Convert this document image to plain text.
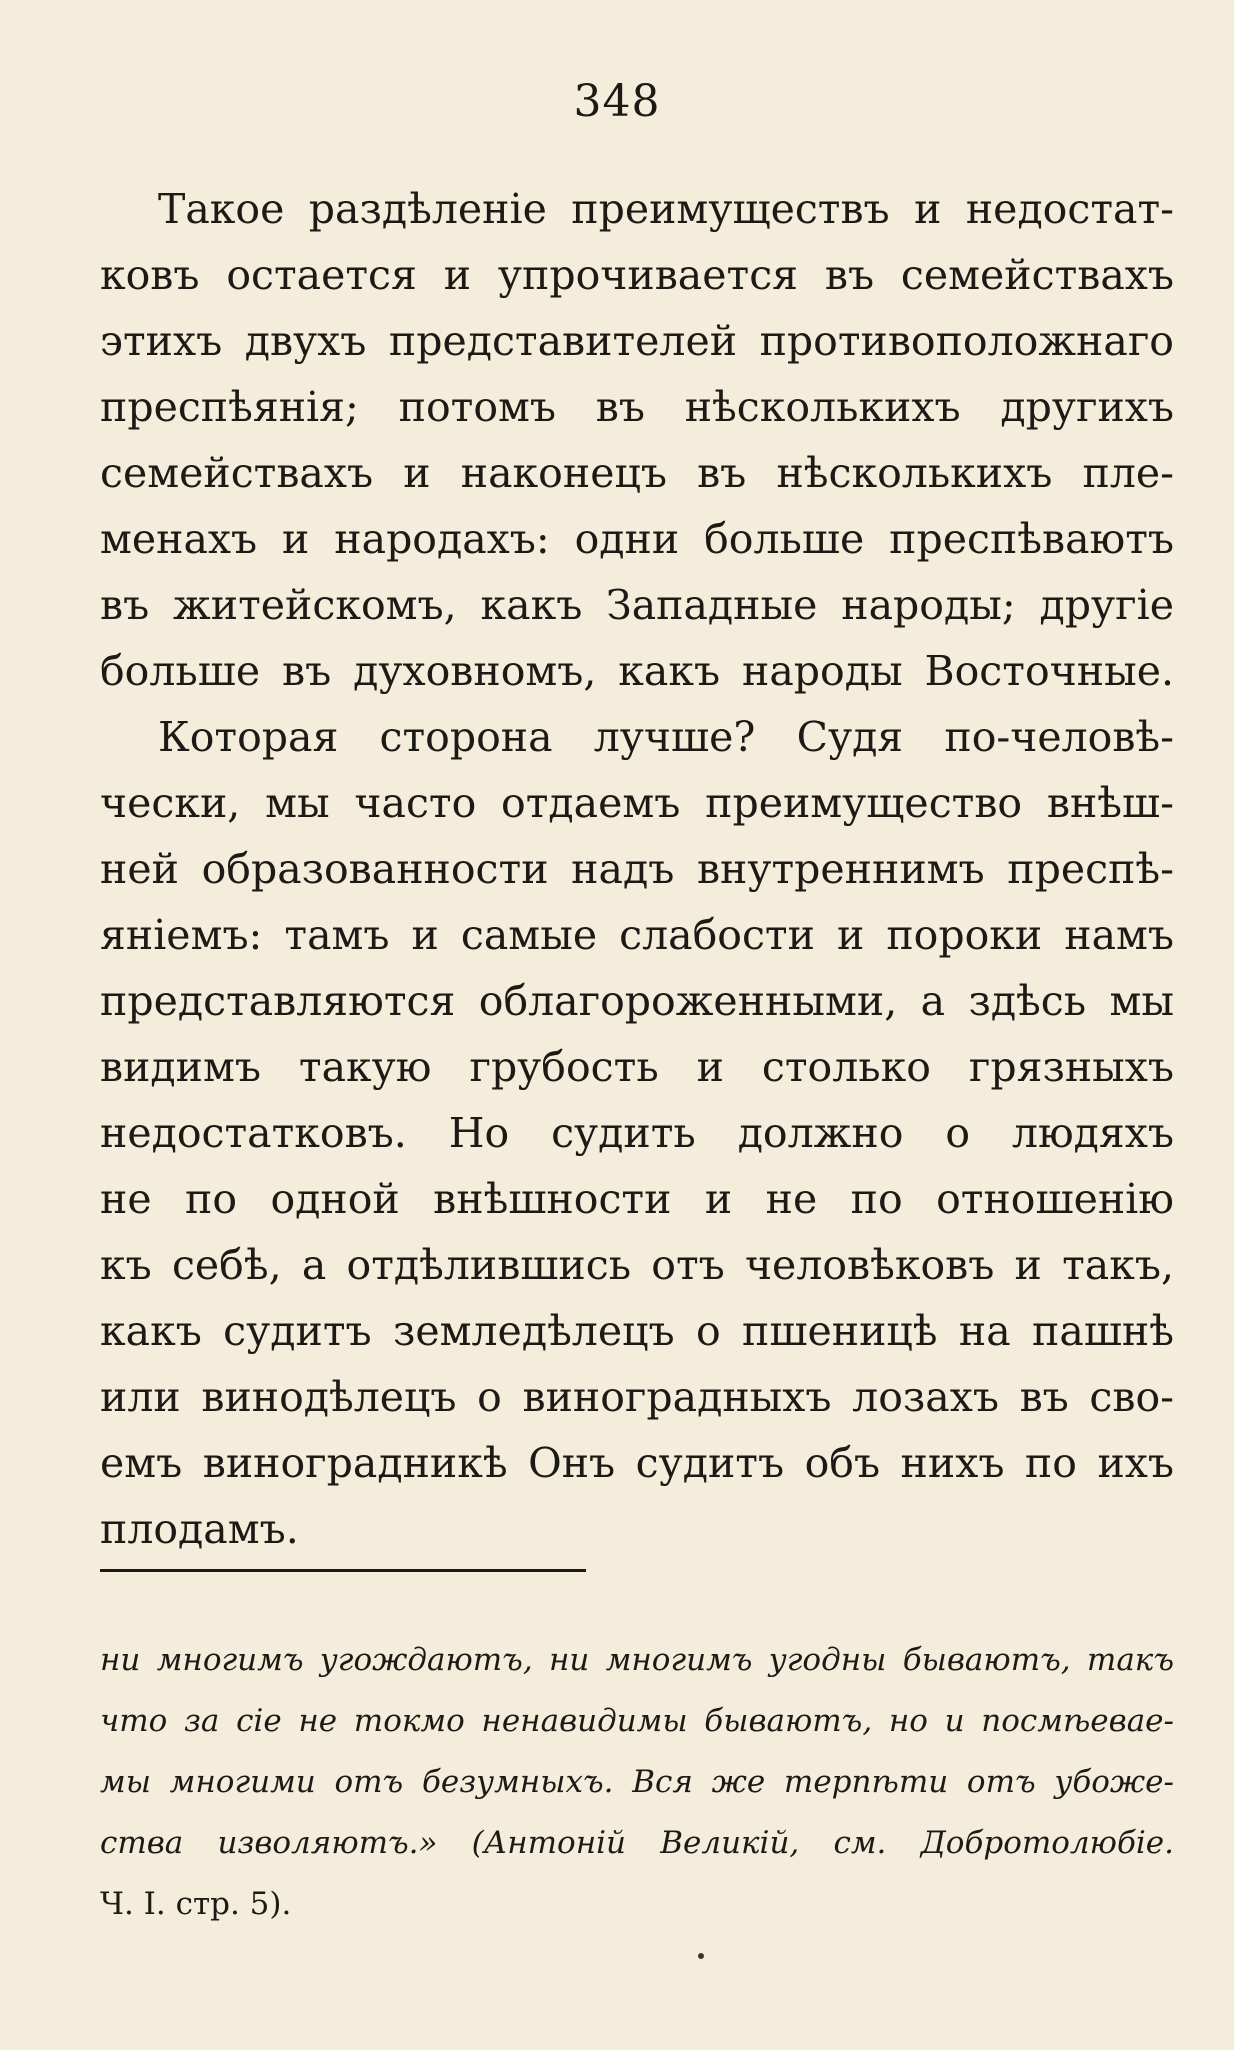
348
Такое раздѣленіе преимуществъ и недостат-
ковъ остается и упрочивается въ семействахъ
этихъ двухъ представителей противоположнаго
преспѣянія; потомъ въ нѣсколькихъ другихъ
семействахъ и наконецъ въ нѣсколькихъ пле-
менахъ и народахъ: одни больше преспѣваютъ
въ житейскомъ, какъ Западные народы; другіе
больше въ духовномъ, какъ народы Восточные.
Которая сторона лучше? Судя по-человѣ-
чески, мы часто отдаемъ преимущество внѣш-
ней образованности надъ внутреннимъ преспѣ-
яніемъ: тамъ и самые слабости и пороки намъ
представляются облагороженными, а здѣсь мы
видимъ такую грубость и столько грязныхъ
недостатковъ. Но судить должно о людяхъ
не по одной внѣшности и не по отношенію
къ себѣ, а отдѣлившись отъ человѣковъ и такъ,
какъ судитъ земледѣлецъ о пшеницѣ на пашнѣ
или винодѣлецъ о виноградныхъ лозахъ въ сво-
емъ виноградникѣ Онъ судитъ объ нихъ по ихъ
плодамъ.
ни многимъ угождаютъ, ни многимъ угодны бываютъ, такъ
что за сіе не токмо ненавидимы бываютъ, но и посмѣевае-
мы многими отъ безумныхъ. Вся же терпѣти отъ убоже-
ства изволяютъ.» (Антоній Великій, см. Добротолюбіе.
Ч. I. стр. 5).
